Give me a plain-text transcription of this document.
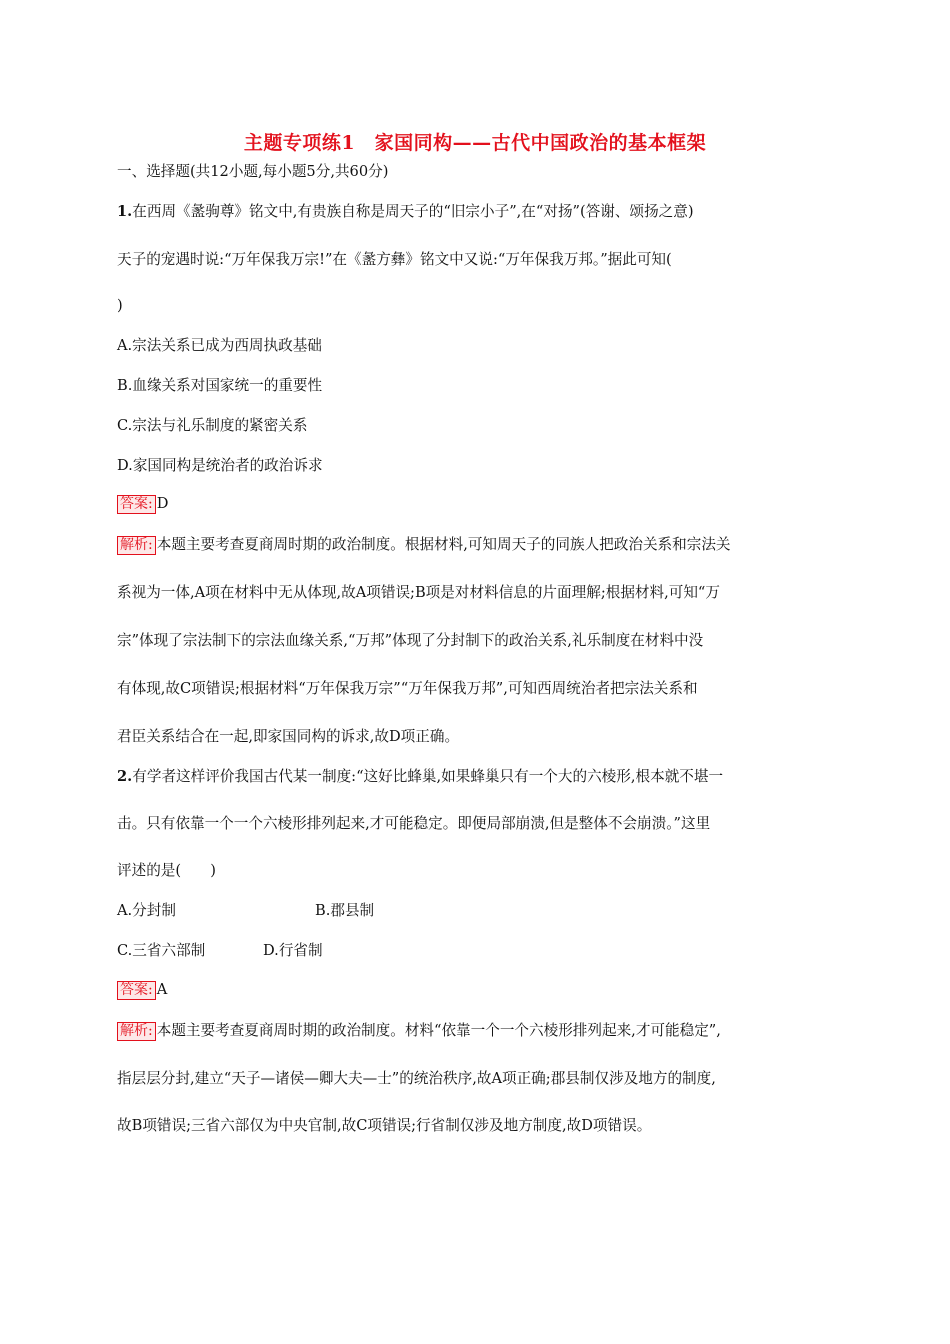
主题专项练1　家国同构——古代中国政治的基本框架
一、选择题(共12小题,每小题5分,共60分)
1.在西周《盠驹尊》铭文中,有贵族自称是周天子的“旧宗小子”,在“对扬”(答谢、颂扬之意)
天子的宠遇时说:“万年保我万宗!”在《盠方彝》铭文中又说:“万年保我万邦。”据此可知(
)
A.宗法关系已成为西周执政基础
B.血缘关系对国家统一的重要性
C.宗法与礼乐制度的紧密关系
D.家国同构是统治者的政治诉求
答案: D
解析: 本题主要考查夏商周时期的政治制度。根据材料,可知周天子的同族人把政治关系和宗法关
系视为一体,A项在材料中无从体现,故A项错误;B项是对材料信息的片面理解;根据材料,可知“万
宗”体现了宗法制下的宗法血缘关系,“万邦”体现了分封制下的政治关系,礼乐制度在材料中没
有体现,故C项错误;根据材料“万年保我万宗”“万年保我万邦”,可知西周统治者把宗法关系和
君臣关系结合在一起,即家国同构的诉求,故D项正确。
2.有学者这样评价我国古代某一制度:“这好比蜂巢,如果蜂巢只有一个大的六棱形,根本就不堪一
击。只有依靠一个一个六棱形排列起来,才可能稳定。即便局部崩溃,但是整体不会崩溃。”这里
评述的是(　　)
A.分封制	B.郡县制
C.三省六部制	D.行省制
答案: A
解析: 本题主要考查夏商周时期的政治制度。材料“依靠一个一个六棱形排列起来,才可能稳定”,
指层层分封,建立“天子—诸侯—卿大夫—士”的统治秩序,故A项正确;郡县制仅涉及地方的制度,
故B项错误;三省六部仅为中央官制,故C项错误;行省制仅涉及地方制度,故D项错误。
